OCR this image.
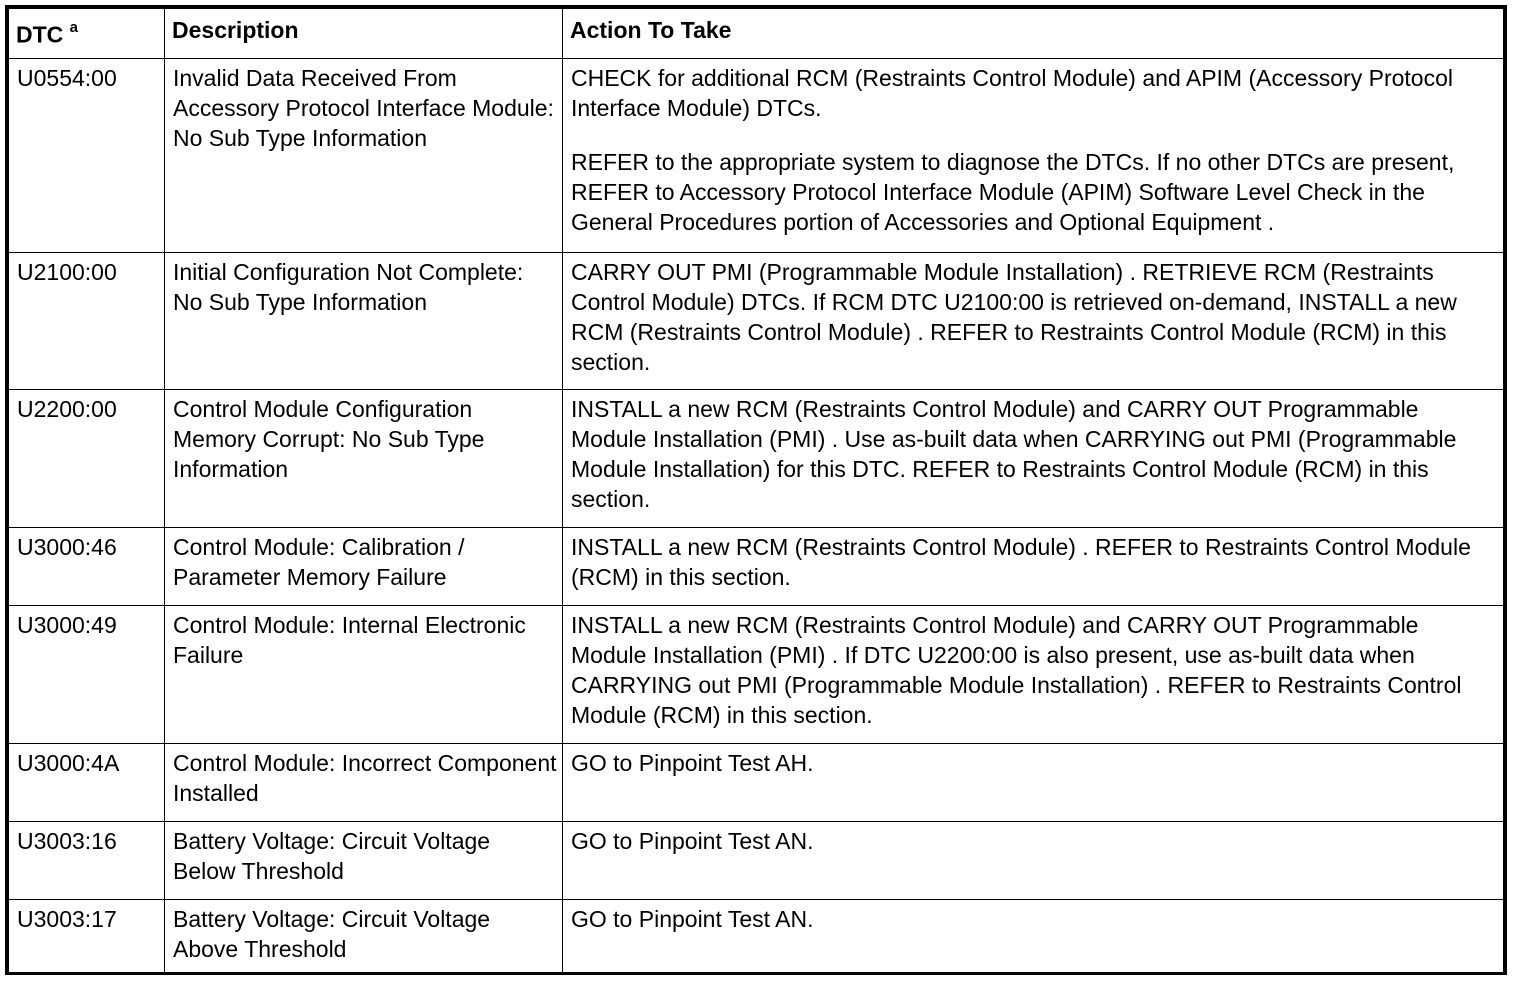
DTC $^a$	Description	Action To Take
U0554:00	Invalid Data Received From Accessory Protocol Interface Module: No Sub Type Information	CHECK for additional RCM (Restraints Control Module) and APIM (Accessory Protocol Interface Module) DTCs.
REFER to the appropriate system to diagnose the DTCs. If no other DTCs are present, REFER to Accessory Protocol Interface Module (APIM) Software Level Check in the General Procedures portion of Accessories and Optional Equipment .

U2100:00	Initial Configuration Not Complete: No Sub Type Information	CARRY OUT PMI (Programmable Module Installation) . RETRIEVE RCM (Restraints Control Module) DTCs. If RCM DTC U2100:00 is retrieved on-demand, INSTALL a new RCM (Restraints Control Module) . REFER to Restraints Control Module (RCM) in this section.

U2200:00	Control Module Configuration Memory Corrupt: No Sub Type Information	INSTALL a new RCM (Restraints Control Module) and CARRY OUT Programmable Module Installation (PMI) . Use as-built data when CARRYING out PMI (Programmable Module Installation) for this DTC. REFER to Restraints Control Module (RCM) in this section.

U3000:46	Control Module: Calibration / Parameter Memory Failure	INSTALL a new RCM (Restraints Control Module) . REFER to Restraints Control Module (RCM) in this section.

U3000:49	Control Module: Internal Electronic Failure	INSTALL a new RCM (Restraints Control Module) and CARRY OUT Programmable Module Installation (PMI) . If DTC U2200:00 is also present, use as-built data when CARRYING out PMI (Programmable Module Installation) . REFER to Restraints Control Module (RCM) in this section.

U3000:4A	Control Module: Incorrect Component Installed	GO to Pinpoint Test AH.

U3003:16	Battery Voltage: Circuit Voltage Below Threshold	GO to Pinpoint Test AN.

U3003:17	Battery Voltage: Circuit Voltage Above Threshold	GO to Pinpoint Test AN.
